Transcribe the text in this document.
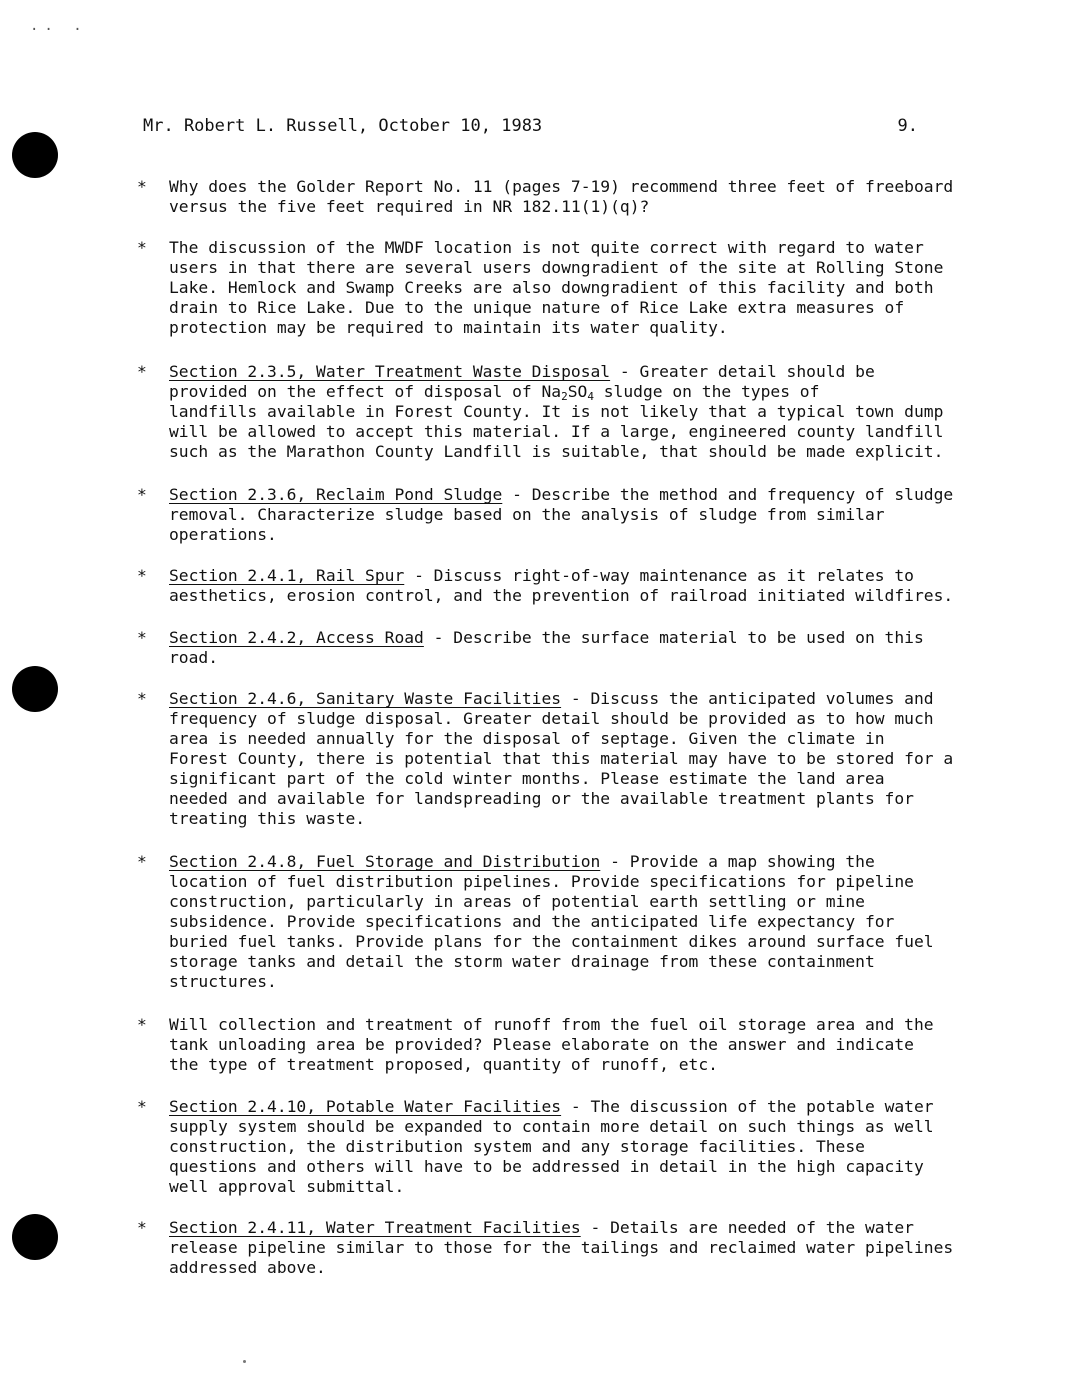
.. .
Mr. Robert L. Russell, October 10, 1983	9.
* Why does the Golder Report No. 11 (pages 7-19) recommend three feet of freeboard
versus the five feet required in NR 182.11(1)(q)?
* The discussion of the MWDF location is not quite correct with regard to water
users in that there are several users downgradient of the site at Rolling Stone
Lake. Hemlock and Swamp Creeks are also downgradient of this facility and both
drain to Rice Lake. Due to the unique nature of Rice Lake extra measures of
protection may be required to maintain its water quality.
* Section 2.3.5, Water Treatment Waste Disposal - Greater detail should be
provided on the effect of disposal of $Na_2SO_4$ sludge on the types of
landfills available in Forest County. It is not likely that a typical town dump
will be allowed to accept this material. If a large, engineered county landfill
such as the Marathon County Landfill is suitable, that should be made explicit.
* Section 2.3.6, Reclaim Pond Sludge - Describe the method and frequency of sludge
removal. Characterize sludge based on the analysis of sludge from similar
operations.
* Section 2.4.1, Rail Spur - Discuss right-of-way maintenance as it relates to
aesthetics, erosion control, and the prevention of railroad initiated wildfires.
* Section 2.4.2, Access Road - Describe the surface material to be used on this
road.
* Section 2.4.6, Sanitary Waste Facilities - Discuss the anticipated volumes and
frequency of sludge disposal. Greater detail should be provided as to how much
area is needed annually for the disposal of septage. Given the climate in
Forest County, there is potential that this material may have to be stored for a
significant part of the cold winter months. Please estimate the land area
needed and available for landspreading or the available treatment plants for
treating this waste.
* Section 2.4.8, Fuel Storage and Distribution - Provide a map showing the
location of fuel distribution pipelines. Provide specifications for pipeline
construction, particularly in areas of potential earth settling or mine
subsidence. Provide specifications and the anticipated life expectancy for
buried fuel tanks. Provide plans for the containment dikes around surface fuel
storage tanks and detail the storm water drainage from these containment
structures.
* Will collection and treatment of runoff from the fuel oil storage area and the
tank unloading area be provided? Please elaborate on the answer and indicate
the type of treatment proposed, quantity of runoff, etc.
* Section 2.4.10, Potable Water Facilities - The discussion of the potable water
supply system should be expanded to contain more detail on such things as well
construction, the distribution system and any storage facilities. These
questions and others will have to be addressed in detail in the high capacity
well approval submittal.
* Section 2.4.11, Water Treatment Facilities - Details are needed of the water
release pipeline similar to those for the tailings and reclaimed water pipelines
addressed above.
